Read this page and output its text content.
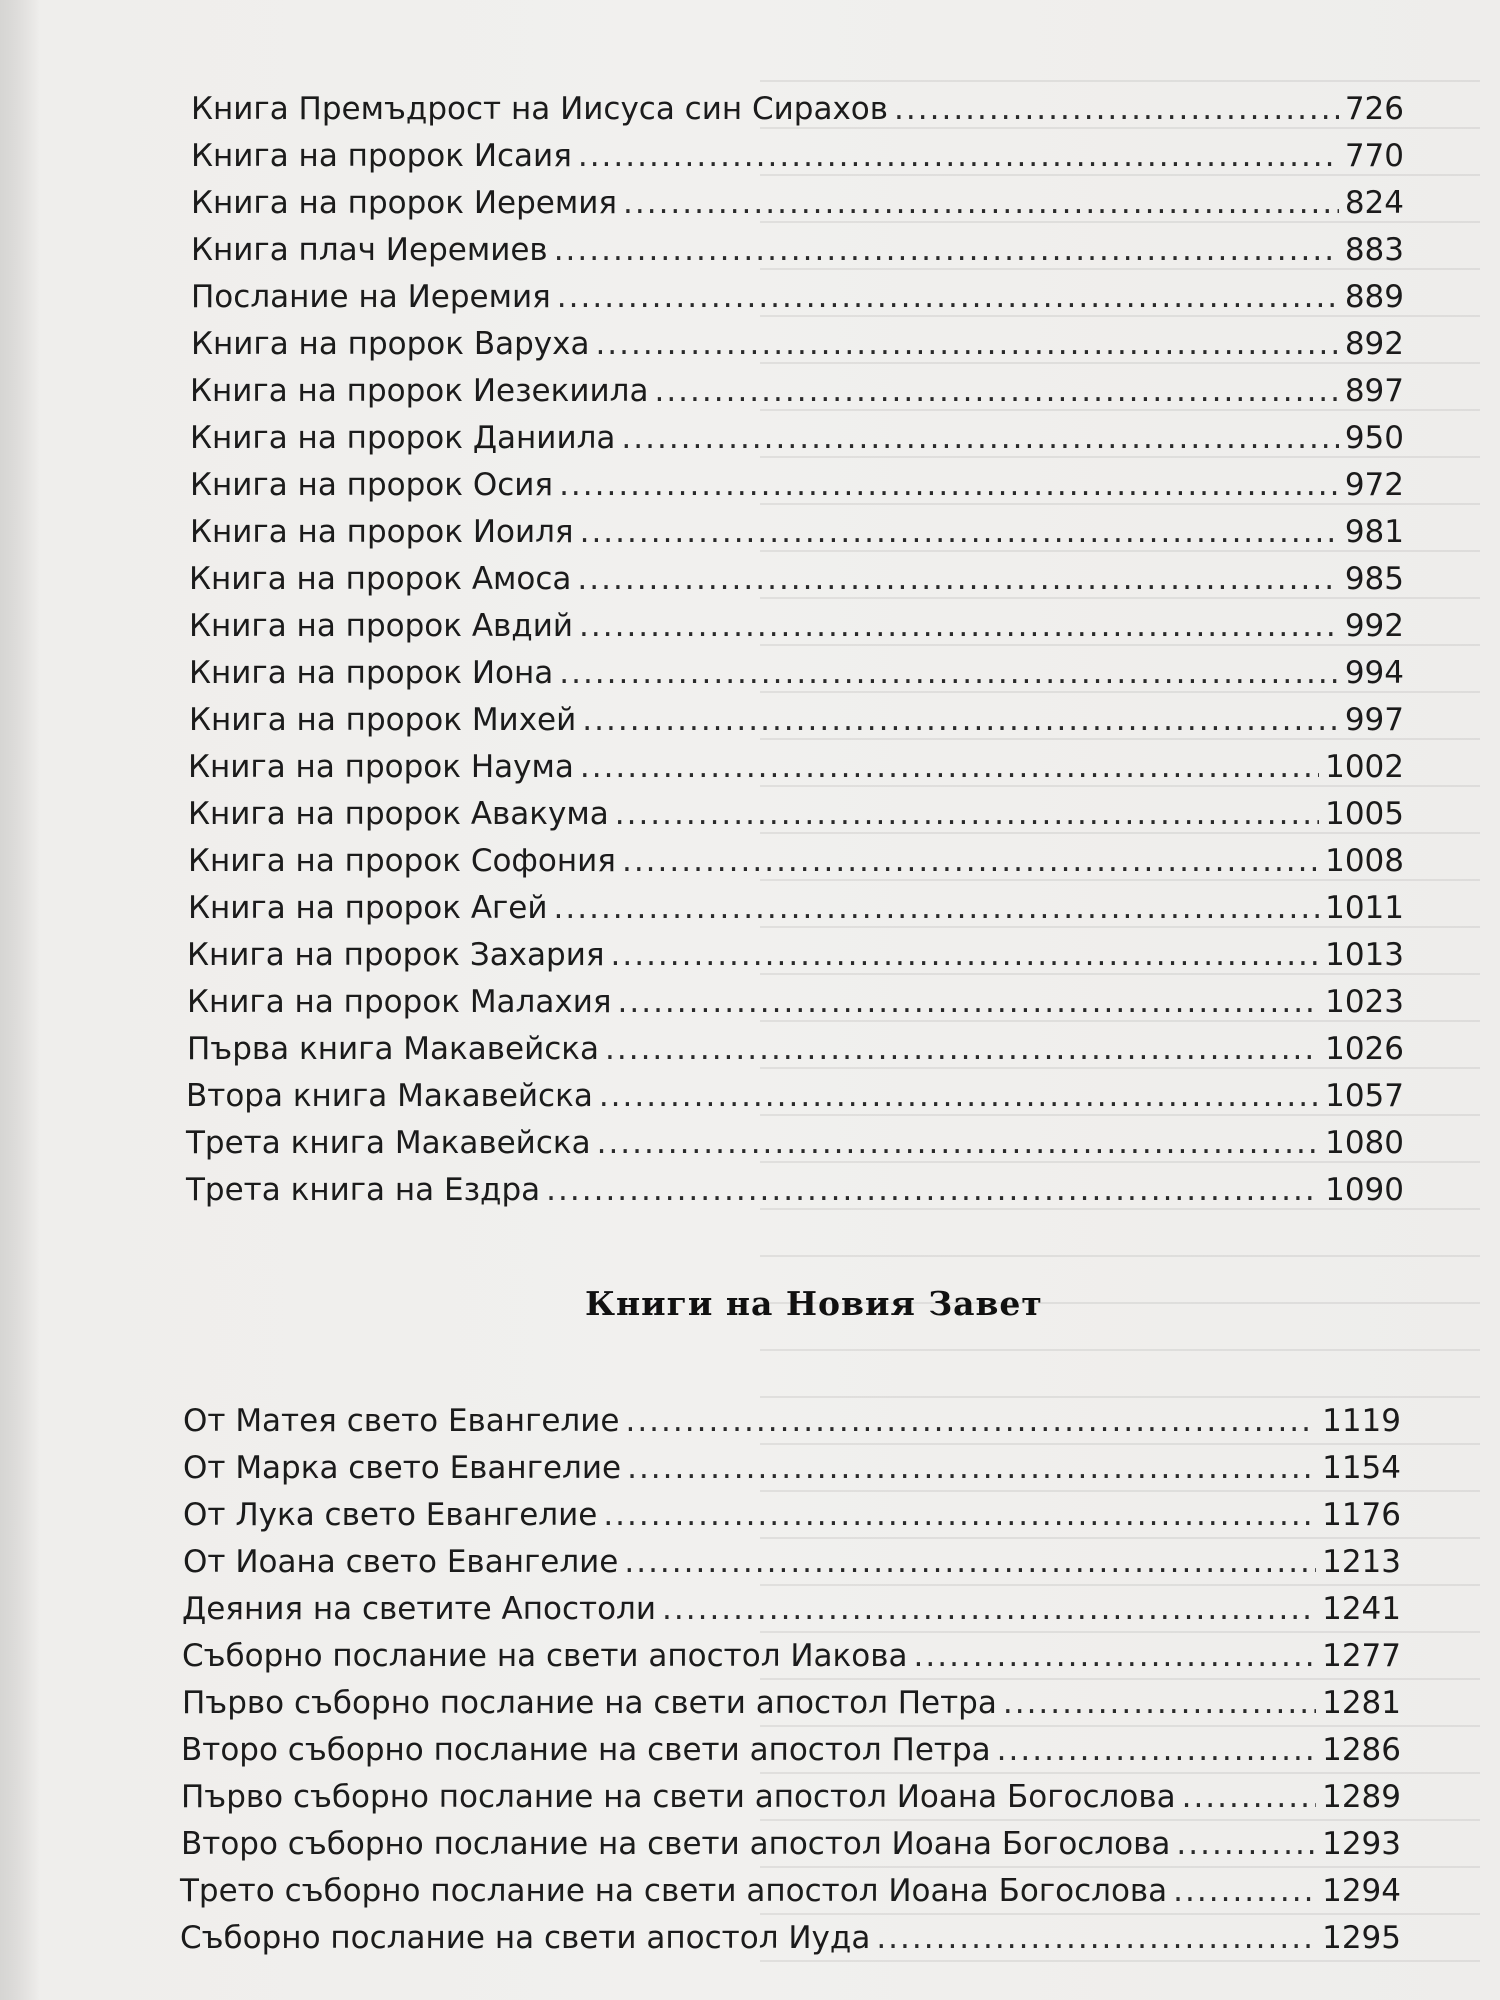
Книга Премъдрост на Иисуса син Сирахов .....	726
Книга на пророк Исаия .....	770
Книга на пророк Иеремия .....	824
Книга плач Иеремиев .....	883
Послание на Иеремия .....	889
Книга на пророк Варуха .....	892
Книга на пророк Иезекиила .....	897
Книга на пророк Даниила .....	950
Книга на пророк Осия .....	972
Книга на пророк Иоиля .....	981
Книга на пророк Амоса .....	985
Книга на пророк Авдий .....	992
Книга на пророк Иона .....	994
Книга на пророк Михей .....	997
Книга на пророк Наума .....	1002
Книга на пророк Авакума .....	1005
Книга на пророк Софония .....	1008
Книга на пророк Агей .....	1011
Книга на пророк Захария .....	1013
Книга на пророк Малахия .....	1023
Първа книга Макавейска .....	1026
Втора книга Макавейска .....	1057
Трета книга Макавейска .....	1080
Трета книга на Ездра .....	1090
Книги на Новия Завет
От Матея свето Евангелие .....	1119
От Марка свето Евангелие .....	1154
От Лука свето Евангелие .....	1176
От Иоана свето Евангелие .....	1213
Деяния на светите Апостоли .....	1241
Съборно послание на свети апостол Иакова .....	1277
Първо съборно послание на свети апостол Петра .....	1281
Второ съборно послание на свети апостол Петра .....	1286
Първо съборно послание на свети апостол Иоана Богослова .....	1289
Второ съборно послание на свети апостол Иоана Богослова .....	1293
Трето съборно послание на свети апостол Иоана Богослова .....	1294
Съборно послание на свети апостол Иуда .....	1295
